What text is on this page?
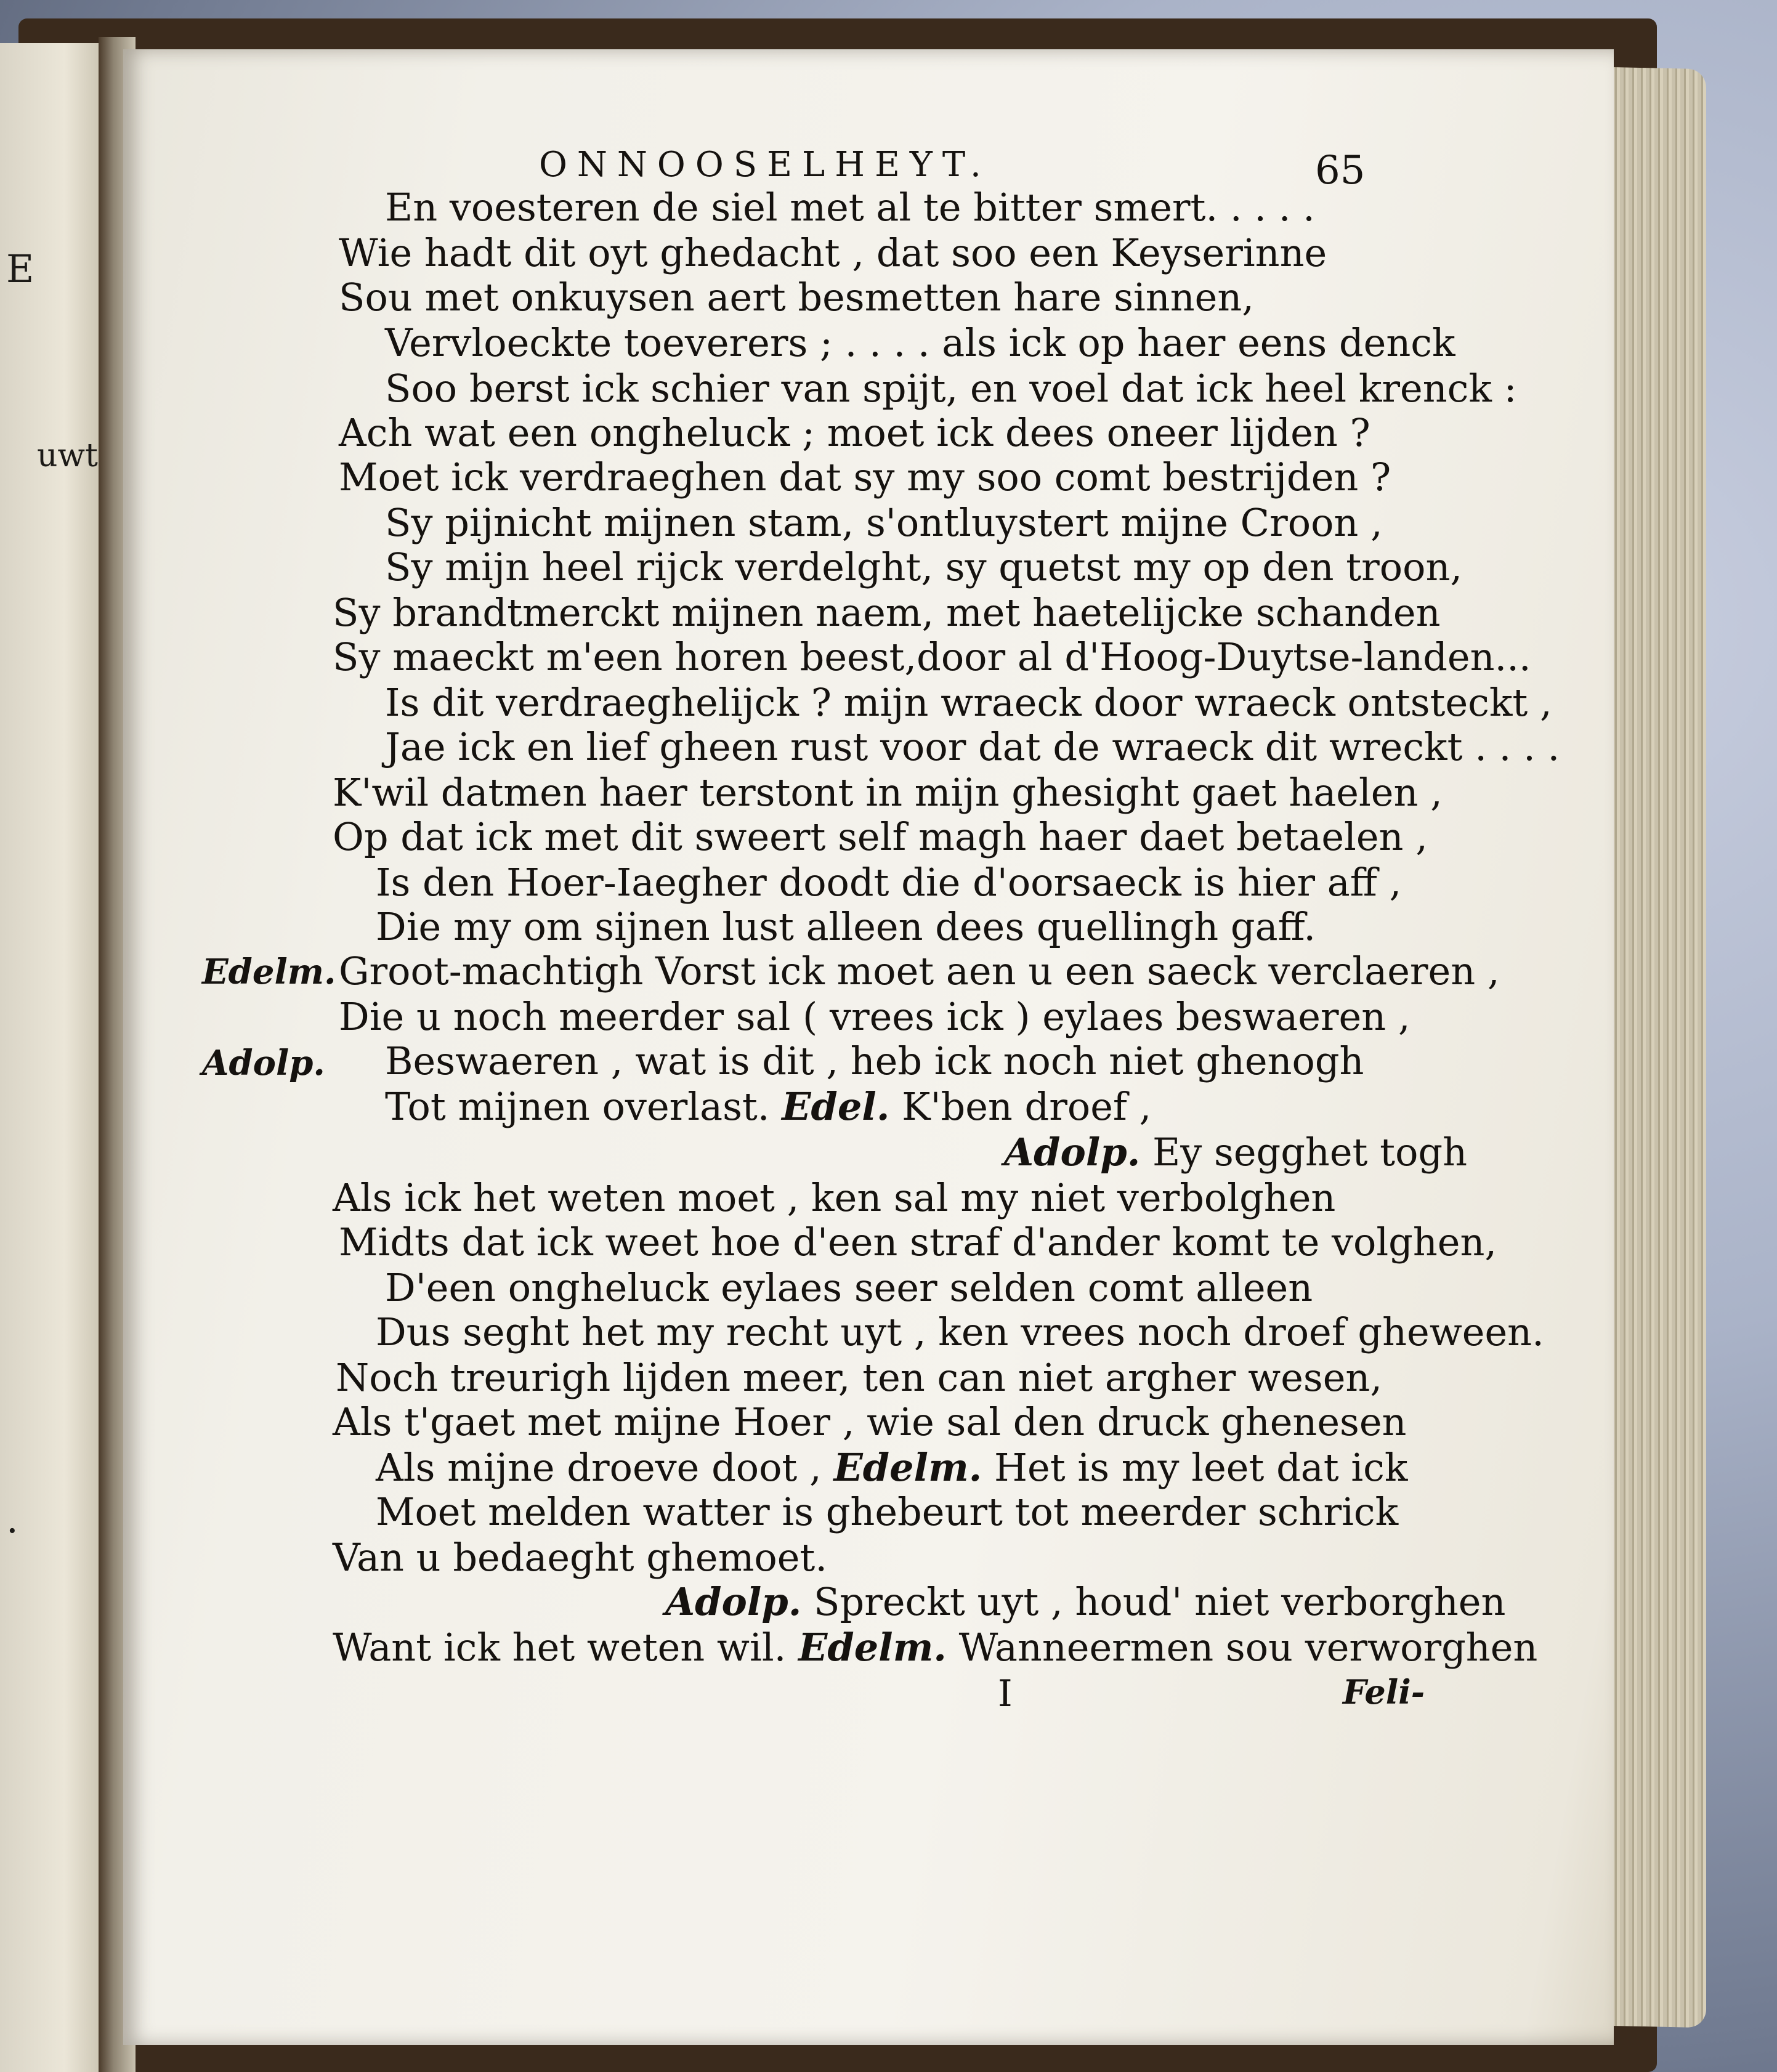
E
uwt
.
ONNOOSELHEYT.	65
En voesteren de siel met al te bitter smert. . . . .
Wie hadt dit oyt ghedacht , dat soo een Keyserinne
Sou met onkuysen aert besmetten hare sinnen,
Vervloeckte toeverers ; . . . . als ick op haer eens denck
Soo berst ick schier van spijt, en voel dat ick heel krenck :
Ach wat een ongheluck ; moet ick dees oneer lijden ?
Moet ick verdraeghen dat sy my soo comt bestrijden ?
Sy pijnicht mijnen stam, s'ontluystert mijne Croon ,
Sy mijn heel rijck verdelght, sy quetst my op den troon,
Sy brandtmerckt mijnen naem, met haetelijcke schanden
Sy maeckt m'een horen beest,door al d'Hoog-Duytse-landen...
Is dit verdraeghelijck ? mijn wraeck door wraeck ontsteckt ,
Jae ick en lief gheen rust voor dat de wraeck dit wreckt . . . .
K'wil datmen haer terstont in mijn ghesight gaet haelen ,
Op dat ick met dit sweert self magh haer daet betaelen ,
Is den Hoer-Iaegher doodt die d'oorsaeck is hier aff ,
Die my om sijnen lust alleen dees quellingh gaff.
Edelm. Groot-machtigh Vorst ick moet aen u een saeck verclaeren ,
Die u noch meerder sal ( vrees ick ) eylaes beswaeren ,
Adolp. Beswaeren , wat is dit , heb ick noch niet ghenogh
Tot mijnen overlast. Edel. K'ben droef ,
Adolp. Ey segghet togh
Als ick het weten moet , ken sal my niet verbolghen
Midts dat ick weet hoe d'een straf d'ander komt te volghen,
D'een ongheluck eylaes seer selden comt alleen
Dus seght het my recht uyt , ken vrees noch droef gheween.
Noch treurigh lijden meer, ten can niet argher wesen,
Als t'gaet met mijne Hoer , wie sal den druck ghenesen
Als mijne droeve doot , Edelm. Het is my leet dat ick
Moet melden watter is ghebeurt tot meerder schrick
Van u bedaeght ghemoet.
Adolp. Spreckt uyt , houd' niet verborghen
Want ick het weten wil. Edelm. Wanneermen sou verworghen
I	Feli-
